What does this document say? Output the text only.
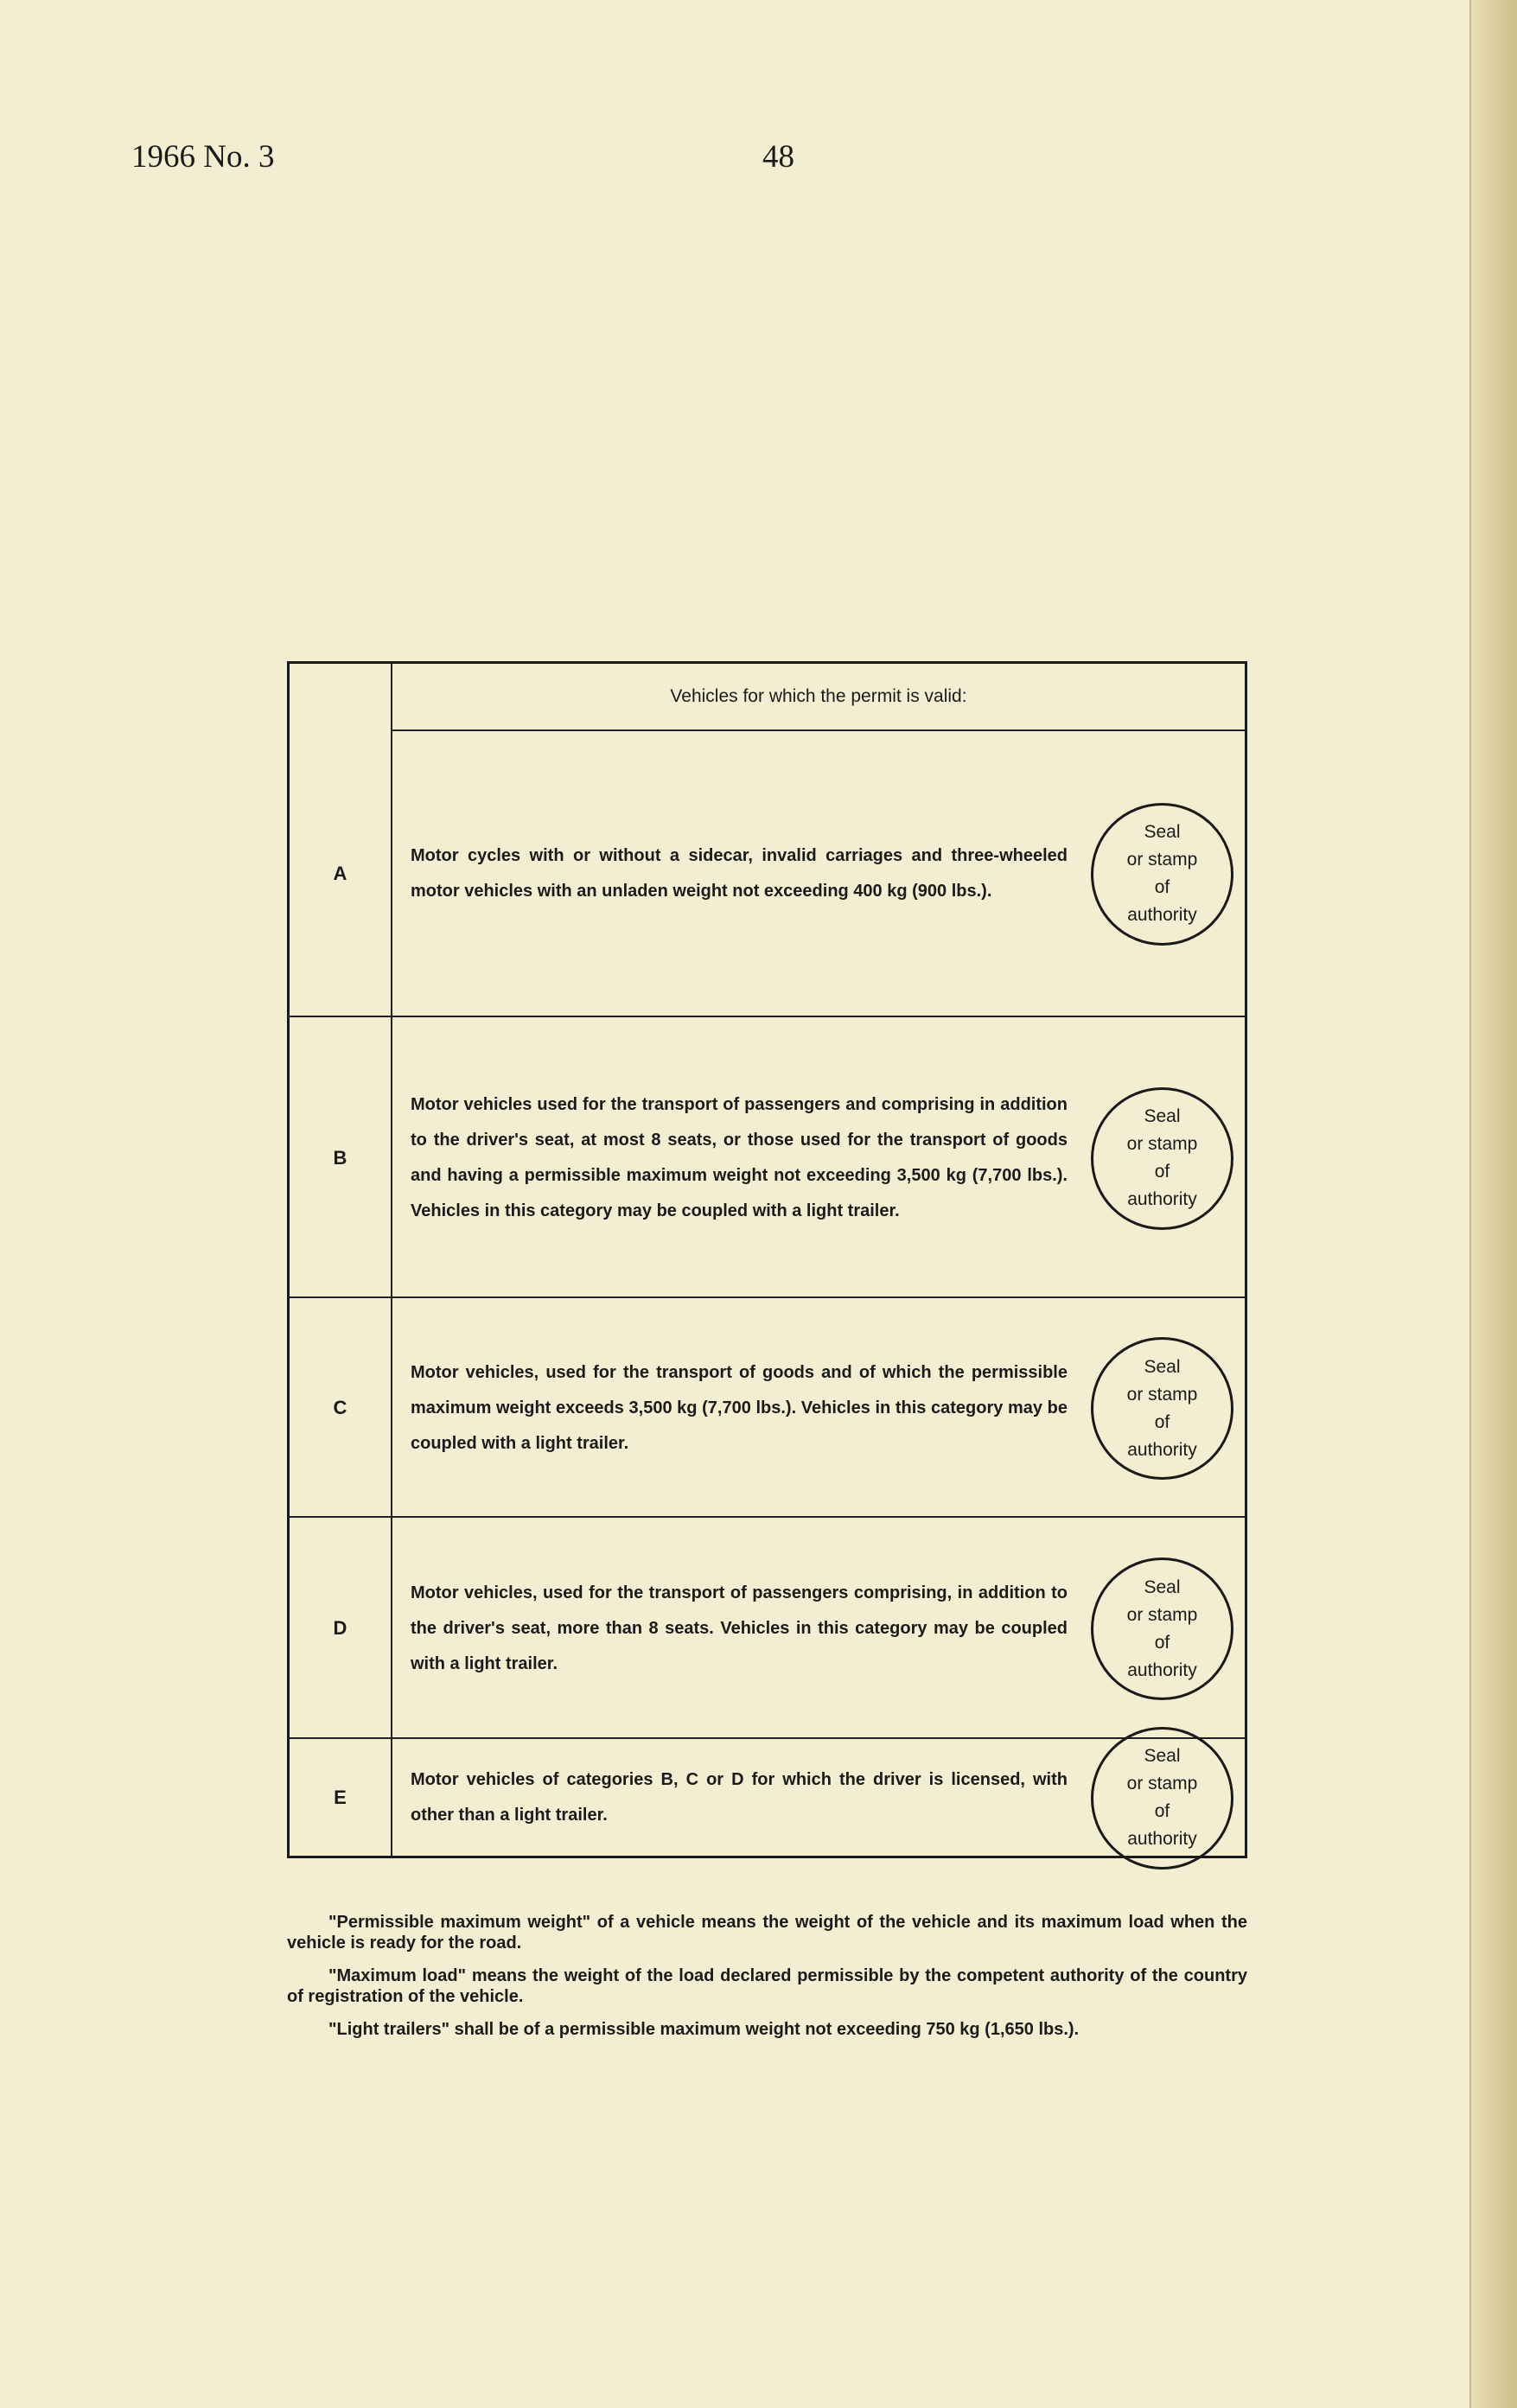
1966 No. 3	48
Vehicles for which the permit is valid:
A
Motor cycles with or without a sidecar, invalid carriages and three-wheeled motor vehicles with an unladen weight not exceeding 400 kg (900 lbs.).
Seal
or stamp
of
authority
B
Motor vehicles used for the transport of passengers and comprising in addition to the driver's seat, at most 8 seats, or those used for the transport of goods and having a permissible maximum weight not exceeding 3,500 kg (7,700 lbs.). Vehicles in this category may be coupled with a light trailer.
Seal
or stamp
of
authority
C
Motor vehicles, used for the transport of goods and of which the permissible maximum weight exceeds 3,500 kg (7,700 lbs.). Vehicles in this category may be coupled with a light trailer.
Seal
or stamp
of
authority
D
Motor vehicles, used for the transport of passengers comprising, in addition to the driver's seat, more than 8 seats. Vehicles in this category may be coupled with a light trailer.
Seal
or stamp
of
authority
E
Motor vehicles of categories B, C or D for which the driver is licensed, with other than a light trailer.
Seal
or stamp
of
authority

"Permissible maximum weight" of a vehicle means the weight of the vehicle and its maximum load when the vehicle is ready for the road.

"Maximum load" means the weight of the load declared permissible by the competent authority of the country of registration of the vehicle.

"Light trailers" shall be of a permissible maximum weight not exceeding 750 kg (1,650 lbs.).
